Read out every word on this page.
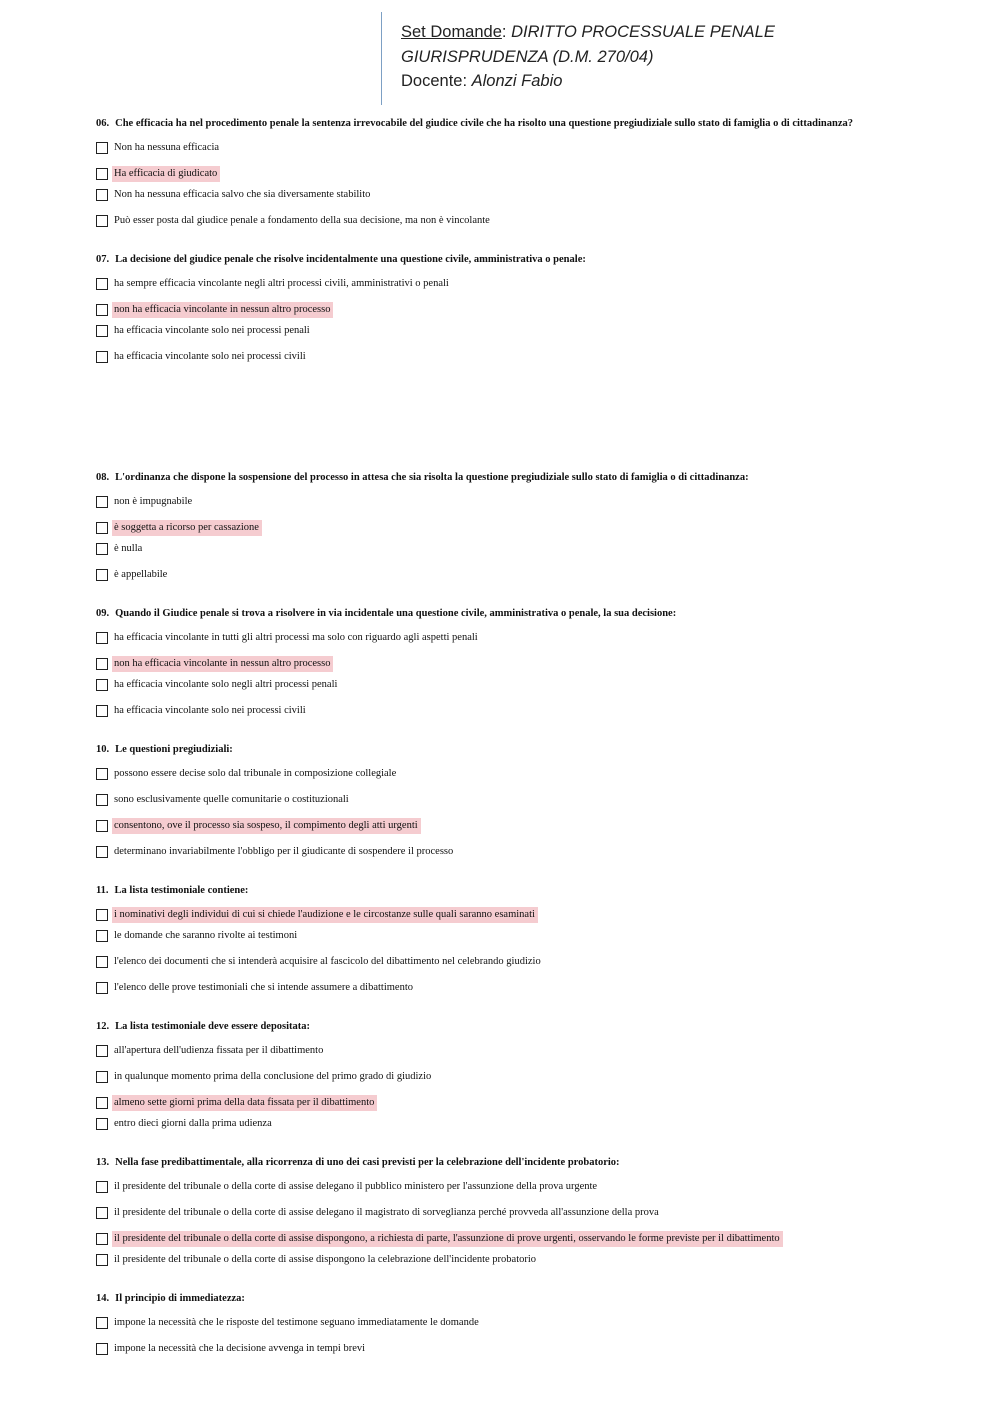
Set Domande: DIRITTO PROCESSUALE PENALE
GIURISPRUDENZA (D.M. 270/04)
Docente: Alonzi Fabio

06. Che efficacia ha nel procedimento penale la sentenza irrevocabile del giudice civile che ha risolto una questione pregiudiziale sullo stato di famiglia o di cittadinanza?

Non ha nessuna efficacia
Ha efficacia di giudicato
Non ha nessuna efficacia salvo che sia diversamente stabilito
Può esser posta dal giudice penale a fondamento della sua decisione, ma non è vincolante

07. La decisione del giudice penale che risolve incidentalmente una questione civile, amministrativa o penale:

ha sempre efficacia vincolante negli altri processi civili, amministrativi o penali
non ha efficacia vincolante in nessun altro processo
ha efficacia vincolante solo nei processi penali
ha efficacia vincolante solo nei processi civili

08. L'ordinanza che dispone la sospensione del processo in attesa che sia risolta la questione pregiudiziale sullo stato di famiglia o di cittadinanza:

non è impugnabile
è soggetta a ricorso per cassazione
è nulla
è appellabile

09. Quando il Giudice penale si trova a risolvere in via incidentale una questione civile, amministrativa o penale, la sua decisione:

ha efficacia vincolante in tutti gli altri processi ma solo con riguardo agli aspetti penali
non ha efficacia vincolante in nessun altro processo
ha efficacia vincolante solo negli altri processi penali
ha efficacia vincolante solo nei processi civili

10. Le questioni pregiudiziali:

possono essere decise solo dal tribunale in composizione collegiale
sono esclusivamente quelle comunitarie o costituzionali
consentono, ove il processo sia sospeso, il compimento degli atti urgenti
determinano invariabilmente l'obbligo per il giudicante di sospendere il processo

11. La lista testimoniale contiene:

i nominativi degli individui di cui si chiede l'audizione e le circostanze sulle quali saranno esaminati
le domande che saranno rivolte ai testimoni
l'elenco dei documenti che si intenderà acquisire al fascicolo del dibattimento nel celebrando giudizio
l'elenco delle prove testimoniali che si intende assumere a dibattimento

12. La lista testimoniale deve essere depositata:

all'apertura dell'udienza fissata per il dibattimento
in qualunque momento prima della conclusione del primo grado di giudizio
almeno sette giorni prima della data fissata per il dibattimento
entro dieci giorni dalla prima udienza

13. Nella fase predibattimentale, alla ricorrenza di uno dei casi previsti per la celebrazione dell'incidente probatorio:

il presidente del tribunale o della corte di assise delegano il pubblico ministero per l'assunzione della prova urgente
il presidente del tribunale o della corte di assise delegano il magistrato di sorveglianza perché provveda all'assunzione della prova
il presidente del tribunale o della corte di assise dispongono, a richiesta di parte, l'assunzione di prove urgenti, osservando le forme previste per il dibattimento
il presidente del tribunale o della corte di assise dispongono la celebrazione dell'incidente probatorio

14. Il principio di immediatezza:

impone la necessità che le risposte del testimone seguano immediatamente le domande
impone la necessità che la decisione avvenga in tempi brevi
